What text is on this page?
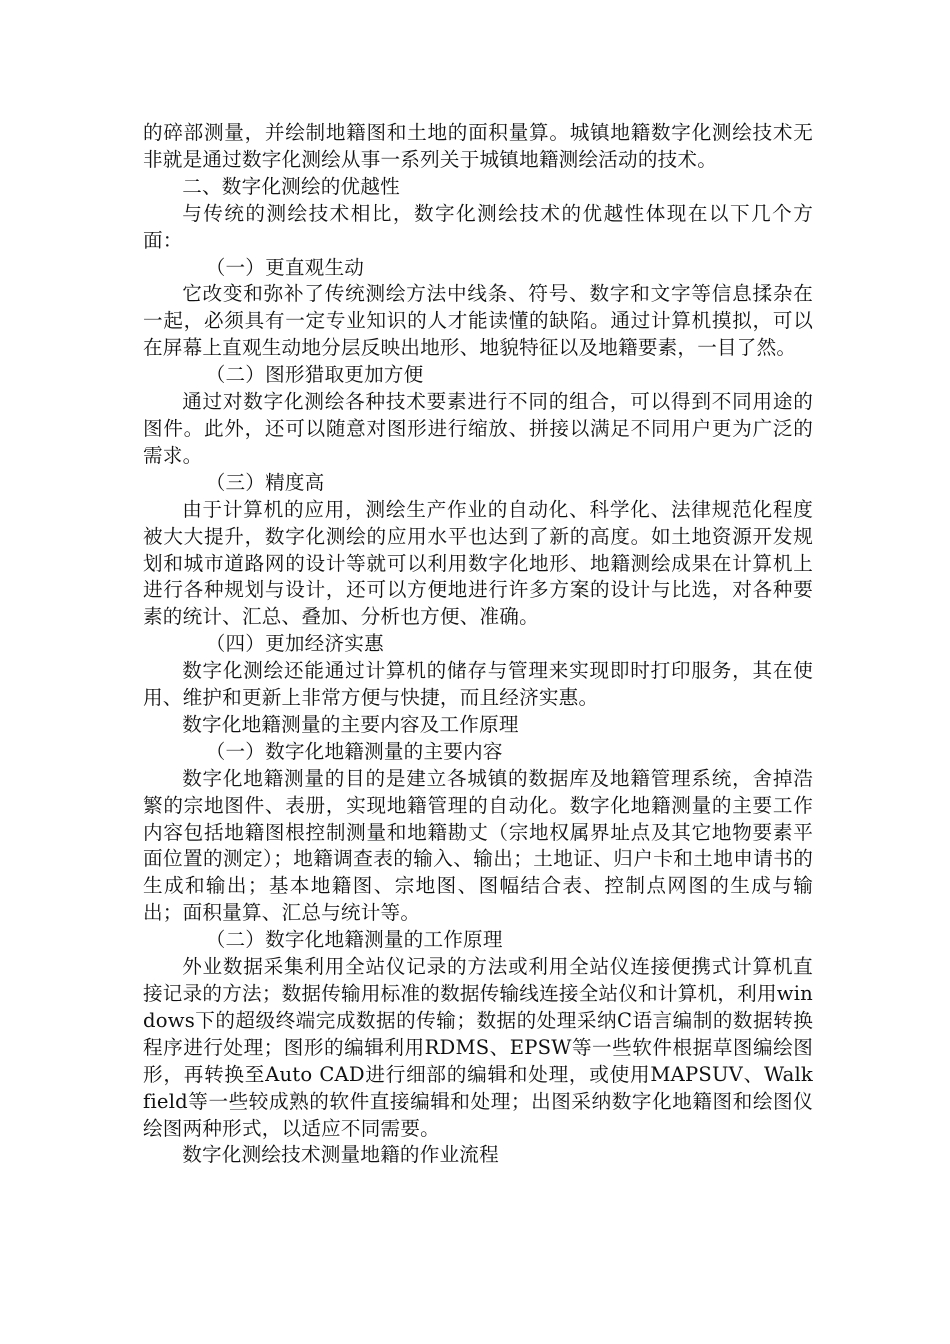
的碎部测量，并绘制地籍图和土地的面积量算。城镇地籍数字化测绘技术无非就是通过数字化测绘从事一系列关于城镇地籍测绘活动的技术。

二、数字化测绘的优越性

与传统的测绘技术相比，数字化测绘技术的优越性体现在以下几个方面：

（一）更直观生动

它改变和弥补了传统测绘方法中线条、符号、数字和文字等信息揉杂在一起，必须具有一定专业知识的人才能读懂的缺陷。通过计算机摸拟，可以在屏幕上直观生动地分层反映出地形、地貌特征以及地籍要素，一目了然。

（二）图形猎取更加方便

通过对数字化测绘各种技术要素进行不同的组合，可以得到不同用途的图件。此外，还可以随意对图形进行缩放、拼接以满足不同用户更为广泛的需求。

（三）精度高

由于计算机的应用，测绘生产作业的自动化、科学化、法律规范化程度被大大提升，数字化测绘的应用水平也达到了新的高度。如土地资源开发规划和城市道路网的设计等就可以利用数字化地形、地籍测绘成果在计算机上进行各种规划与设计，还可以方便地进行许多方案的设计与比选，对各种要素的统计、汇总、叠加、分析也方便、准确。

（四）更加经济实惠

数字化测绘还能通过计算机的储存与管理来实现即时打印服务，其在使用、维护和更新上非常方便与快捷，而且经济实惠。

数字化地籍测量的主要内容及工作原理

（一）数字化地籍测量的主要内容

数字化地籍测量的目的是建立各城镇的数据库及地籍管理系统，舍掉浩繁的宗地图件、表册，实现地籍管理的自动化。数字化地籍测量的主要工作内容包括地籍图根控制测量和地籍勘丈（宗地权属界址点及其它地物要素平面位置的测定）；地籍调查表的输入、输出；土地证、归户卡和土地申请书的生成和输出；基本地籍图、宗地图、图幅结合表、控制点网图的生成与输出；面积量算、汇总与统计等。

（二）数字化地籍测量的工作原理

外业数据采集利用全站仪记录的方法或利用全站仪连接便携式计算机直接记录的方法；数据传输用标准的数据传输线连接全站仪和计算机，利用windows下的超级终端完成数据的传输；数据的处理采纳C语言编制的数据转换程序进行处理；图形的编辑利用RDMS、EPSW等一些软件根据草图编绘图形，再转换至Auto CAD进行细部的编辑和处理，或使用MAPSUV、Walk field等一些较成熟的软件直接编辑和处理；出图采纳数字化地籍图和绘图仪绘图两种形式，以适应不同需要。

数字化测绘技术测量地籍的作业流程
